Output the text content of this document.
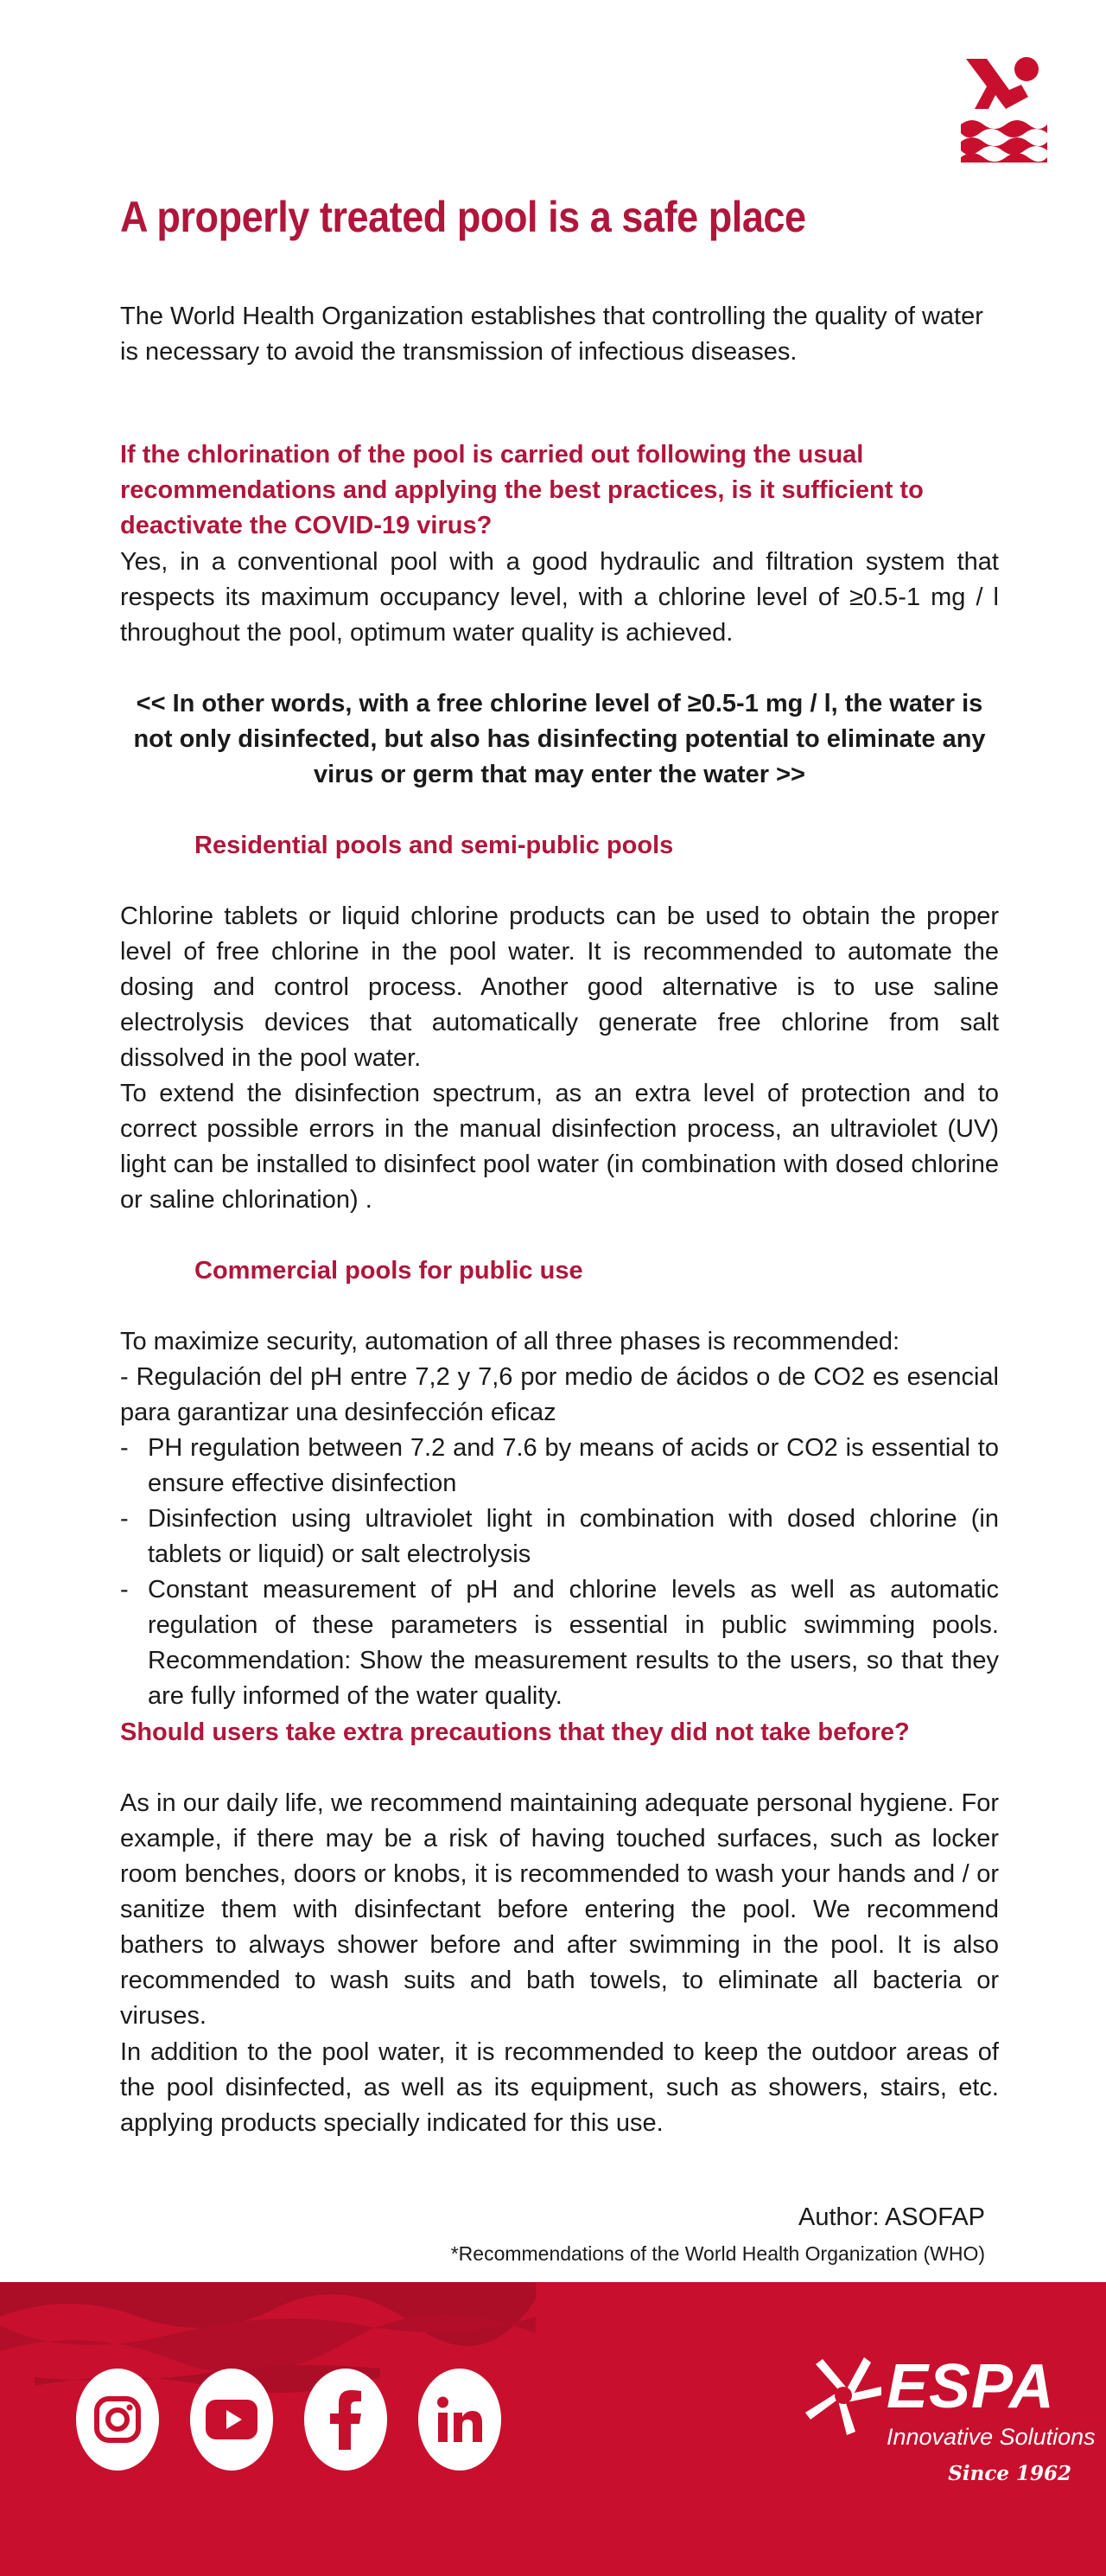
A properly treated pool is a safe place

The World Health Organization establishes that controlling the quality of water is necessary to avoid the transmission of infectious diseases.

If the chlorination of the pool is carried out following the usual recommendations and applying the best practices, is it sufficient to deactivate the COVID-19 virus?

Yes, in a conventional pool with a good hydraulic and filtration system that respects its maximum occupancy level, with a chlorine level of ≥0.5-1 mg / l throughout the pool, optimum water quality is achieved.

<< In other words, with a free chlorine level of ≥0.5-1 mg / l, the water is not only disinfected, but also has disinfecting potential to eliminate any virus or germ that may enter the water >>

Residential pools and semi-public pools

Chlorine tablets or liquid chlorine products can be used to obtain the proper level of free chlorine in the pool water. It is recommended to automate the dosing and control process. Another good alternative is to use saline electrolysis devices that automatically generate free chlorine from salt dissolved in the pool water.

To extend the disinfection spectrum, as an extra level of protection and to correct possible errors in the manual disinfection process, an ultraviolet (UV) light can be installed to disinfect pool water (in combination with dosed chlorine or saline chlorination) .

Commercial pools for public use

To maximize security, automation of all three phases is recommended:

- Regulación del pH entre 7,2 y 7,6 por medio de ácidos o de CO2 es esencial para garantizar una desinfección eficaz

- PH regulation between 7.2 and 7.6 by means of acids or CO2 is essential to ensure effective disinfection
- Disinfection using ultraviolet light in combination with dosed chlorine (in tablets or liquid) or salt electrolysis
- Constant measurement of pH and chlorine levels as well as automatic regulation of these parameters is essential in public swimming pools. Recommendation: Show the measurement results to the users, so that they are fully informed of the water quality.

Should users take extra precautions that they did not take before?

As in our daily life, we recommend maintaining adequate personal hygiene. For example, if there may be a risk of having touched surfaces, such as locker room benches, doors or knobs, it is recommended to wash your hands and / or sanitize them with disinfectant before entering the pool. We recommend bathers to always shower before and after swimming in the pool. It is also recommended to wash suits and bath towels, to eliminate all bacteria or viruses.

In addition to the pool water, it is recommended to keep the outdoor areas of the pool disinfected, as well as its equipment, such as showers, stairs, etc. applying products specially indicated for this use.

Author: ASOFAP
*Recommendations of the World Health Organization (WHO)
ESPA
Innovative Solutions
Since 1962
